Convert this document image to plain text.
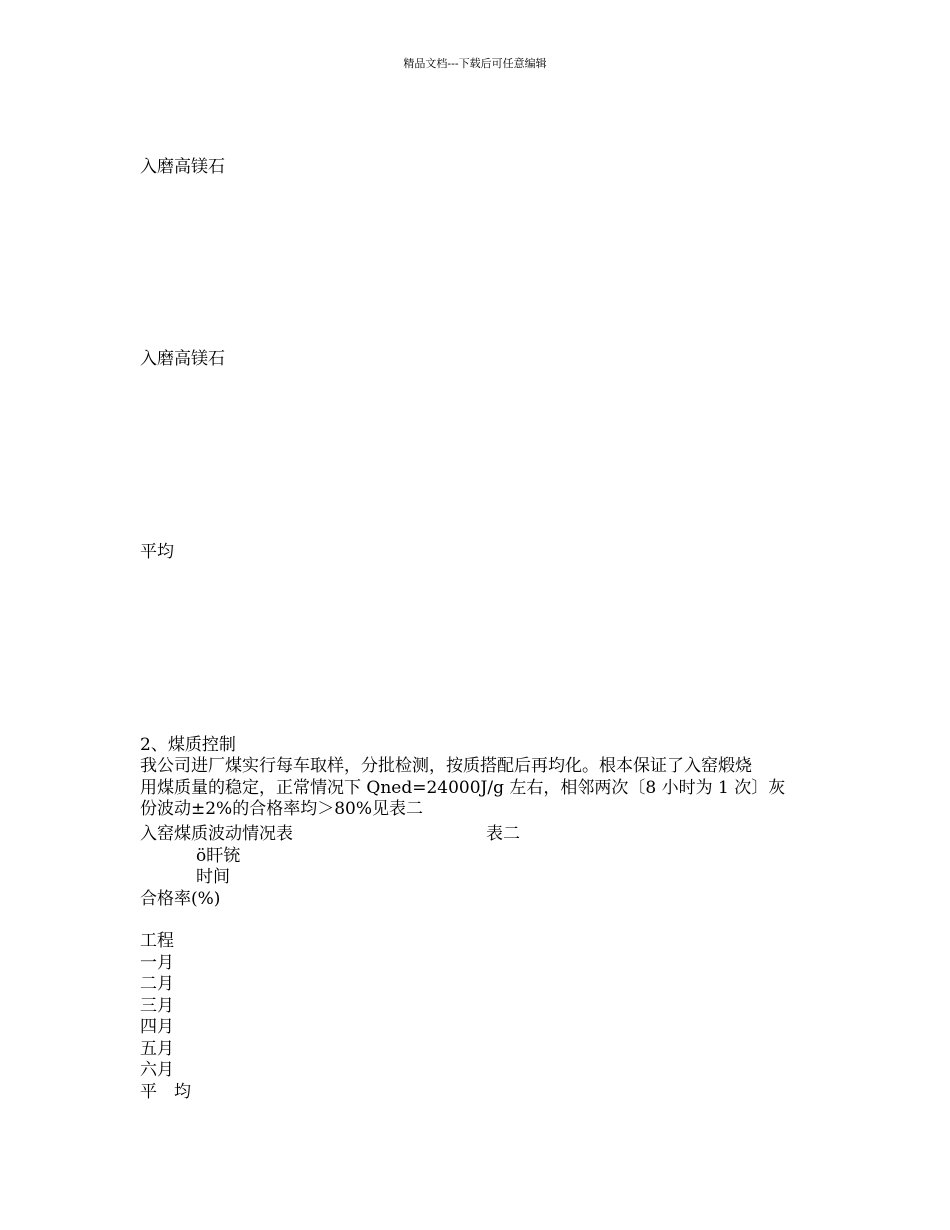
精品文档---下载后可任意编辑
入磨高镁石
入磨高镁石
平均
2、煤质控制
我公司进厂煤实行每车取样，分批检测，按质搭配后再均化。根本保证了入窑煅烧
用煤质量的稳定，正常情况下 Qned=24000J/g 左右，相邻两次〔8 小时为 1 次〕灰
份波动±2%的合格率均＞80%见表二
入窑煤质波动情况表	表二
ö盰铳
时间
合格率(%)
工程
一月
二月
三月
四月
五月
六月
平　均
